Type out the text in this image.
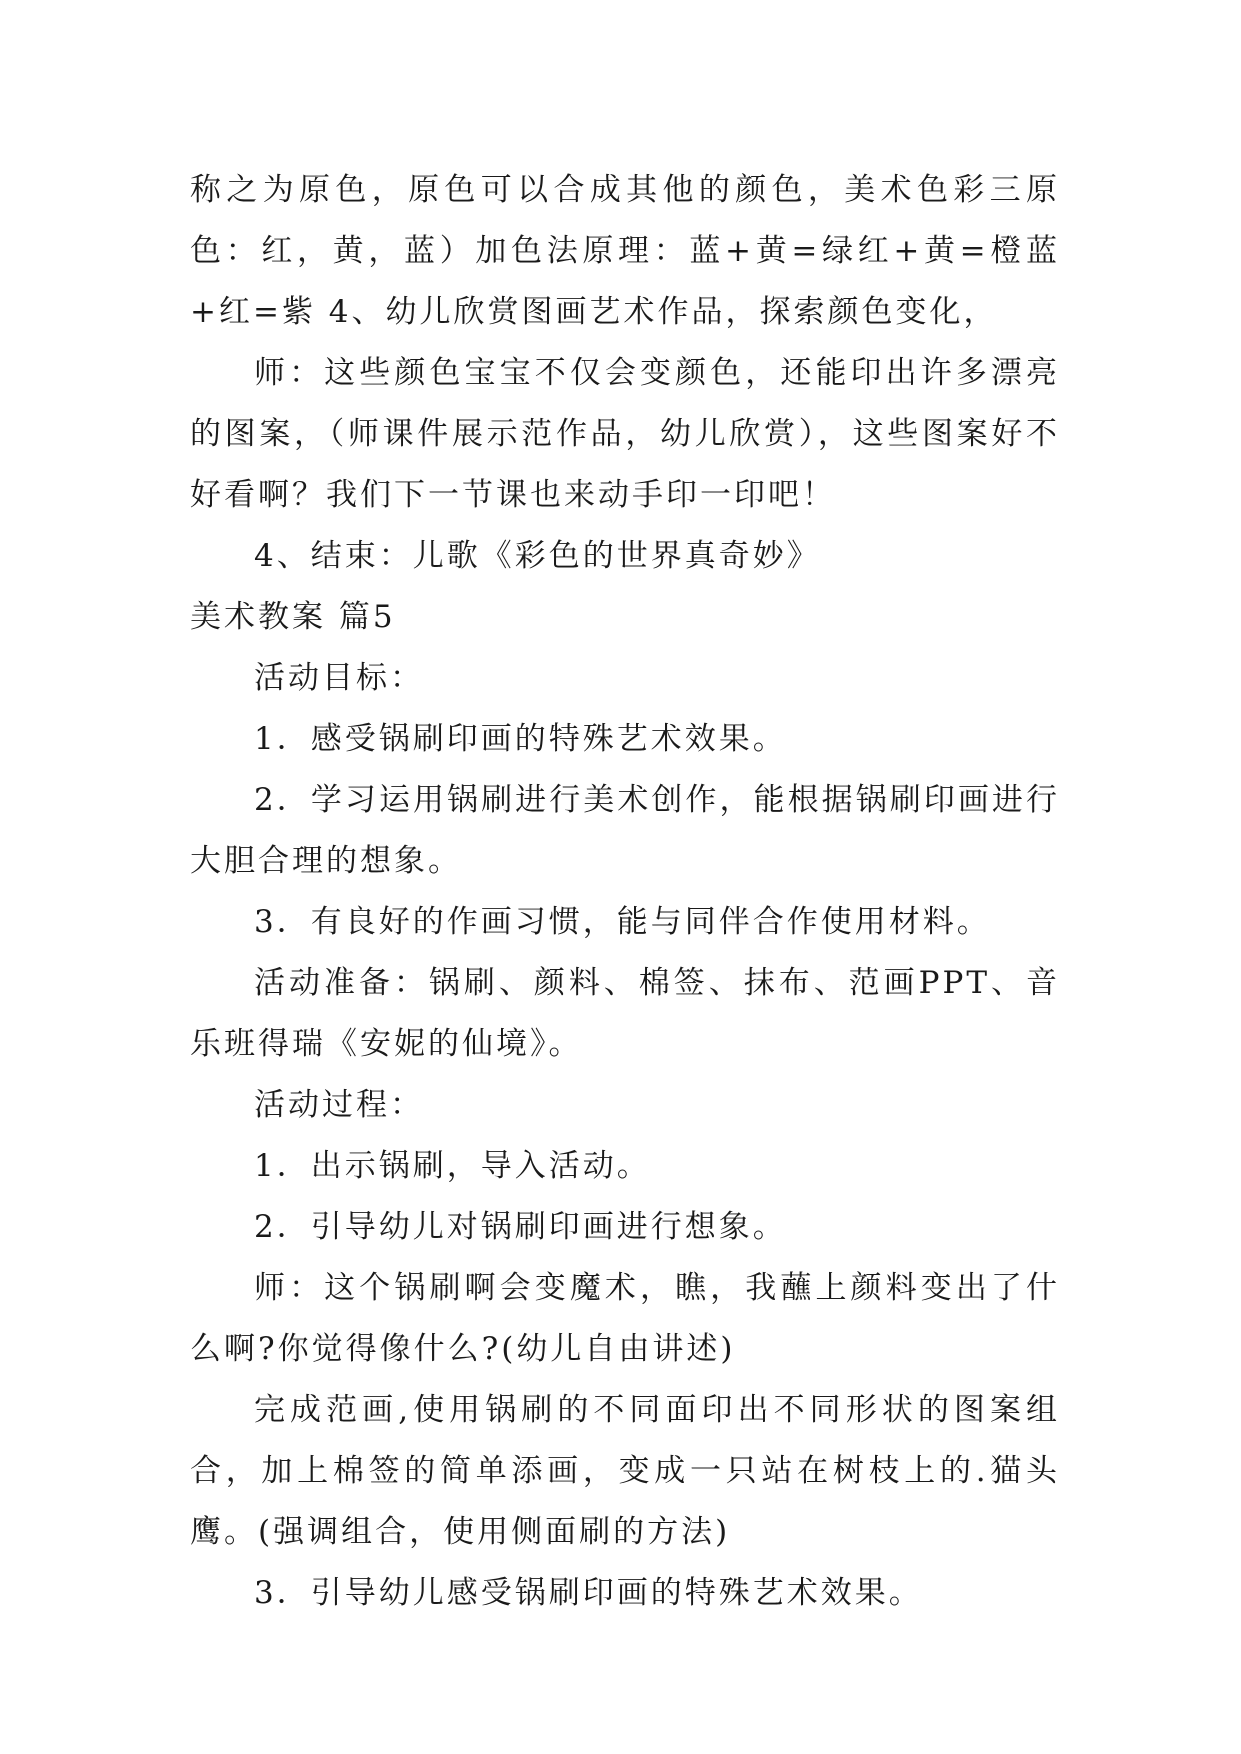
称之为原色，原色可以合成其他的颜色，美术色彩三原色：红，黄，蓝）加色法原理：蓝+黄=绿红+黄=橙蓝+红=紫 4、幼儿欣赏图画艺术作品，探索颜色变化，

师：这些颜色宝宝不仅会变颜色，还能印出许多漂亮的图案，（师课件展示范作品，幼儿欣赏），这些图案好不好看啊？我们下一节课也来动手印一印吧！

4、结束：儿歌《彩色的世界真奇妙》

美术教案 篇5

活动目标：

1．感受锅刷印画的特殊艺术效果。

2．学习运用锅刷进行美术创作，能根据锅刷印画进行大胆合理的想象。

3．有良好的作画习惯，能与同伴合作使用材料。

活动准备：锅刷、颜料、棉签、抹布、范画PPT、音乐班得瑞《安妮的仙境》。

活动过程：

1．出示锅刷，导入活动。

2．引导幼儿对锅刷印画进行想象。

师：这个锅刷啊会变魔术，瞧，我蘸上颜料变出了什么啊?你觉得像什么?(幼儿自由讲述)

完成范画,使用锅刷的不同面印出不同形状的图案组合，加上棉签的简单添画，变成一只站在树枝上的.猫头鹰。(强调组合，使用侧面刷的方法)

3．引导幼儿感受锅刷印画的特殊艺术效果。
